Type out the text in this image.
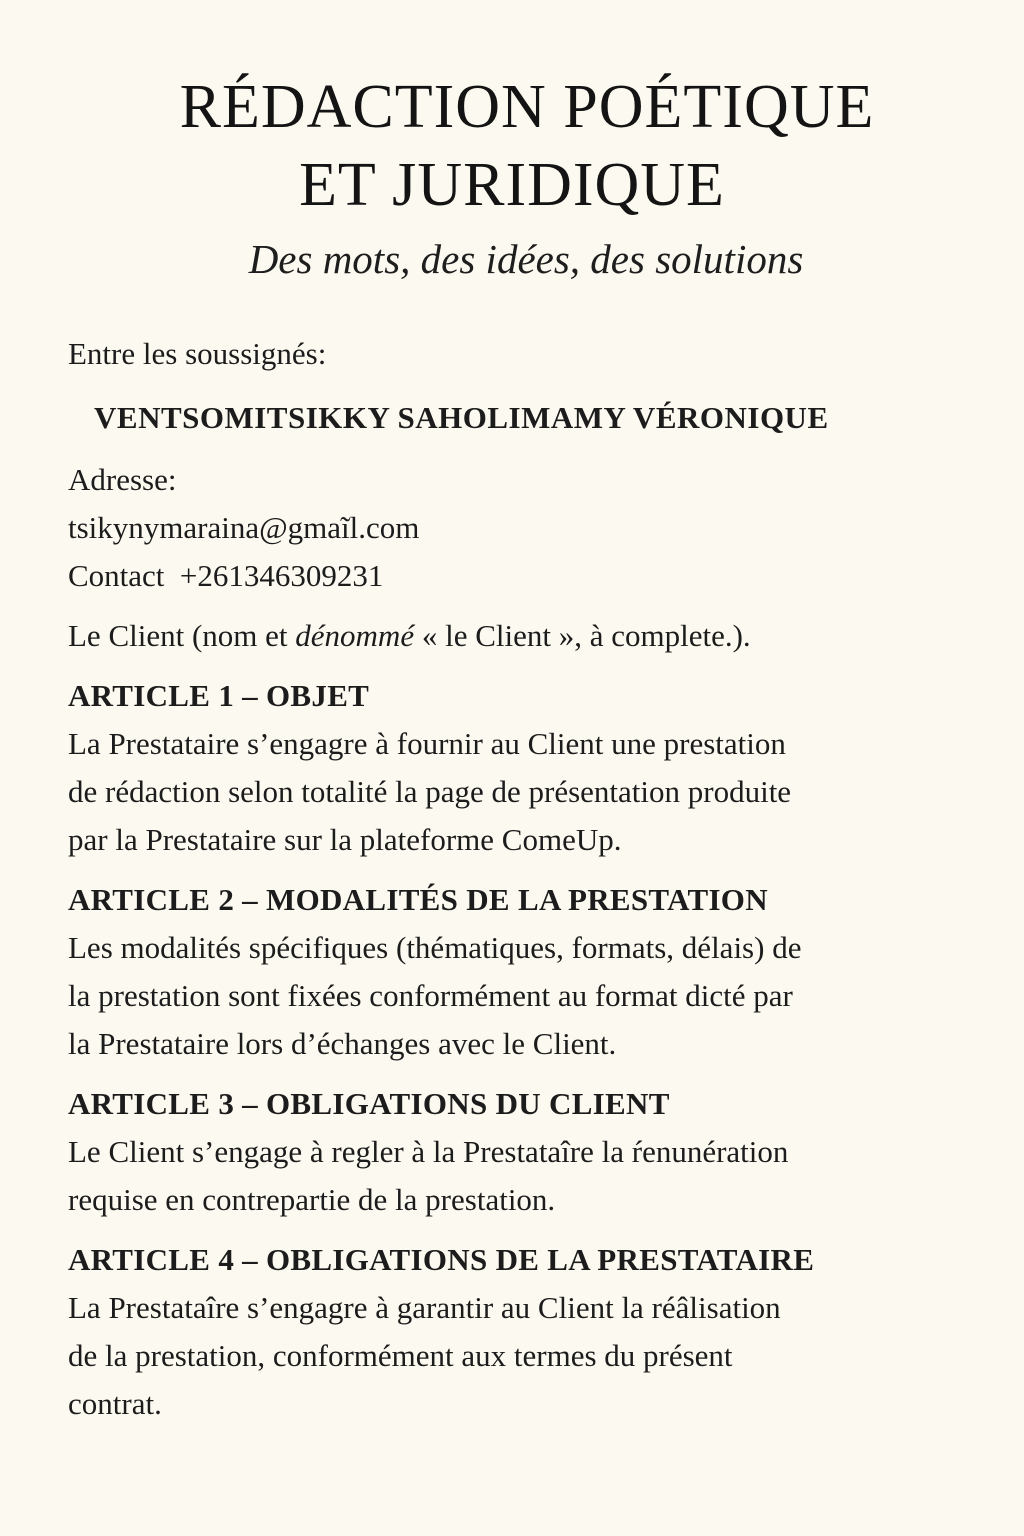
RÉDACTION POÉTIQUE
ET JURIDIQUE
Des mots, des idées, des solutions

Entre les soussignés:

VENTSOMITSIKKY SAHOLIMAMY VÉRONIQUE

Adresse:

tsikynymaraina@gmaĩl.com

Contact +261346309231

Le Client (nom et dénommé « le Client », à complete.).

ARTICLE 1 – OBJET

La Prestataire s’engagre à fournir au Client une prestation

de rédaction selon totalité la page de présentation produite

par la Prestataire sur la plateforme ComeUp.

ARTICLE 2 – MODALITÉS DE LA PRESTATION

Les modalités spécifiques (thématiques, formats, délais) de

la prestation sont fixées conformément au format dicté par

la Prestataire lors d’échanges avec le Client.

ARTICLE 3 – OBLIGATIONS DU CLIENT

Le Client s’engage à regler à la Prestataîre la ŕenunération

requise en contrepartie de la prestation.

ARTICLE 4 – OBLIGATIONS DE LA PRESTATAIRE

La Prestataîre s’engagre à garantir au Client la réâlisation

de la prestation, conformément aux termes du présent

contrat.
